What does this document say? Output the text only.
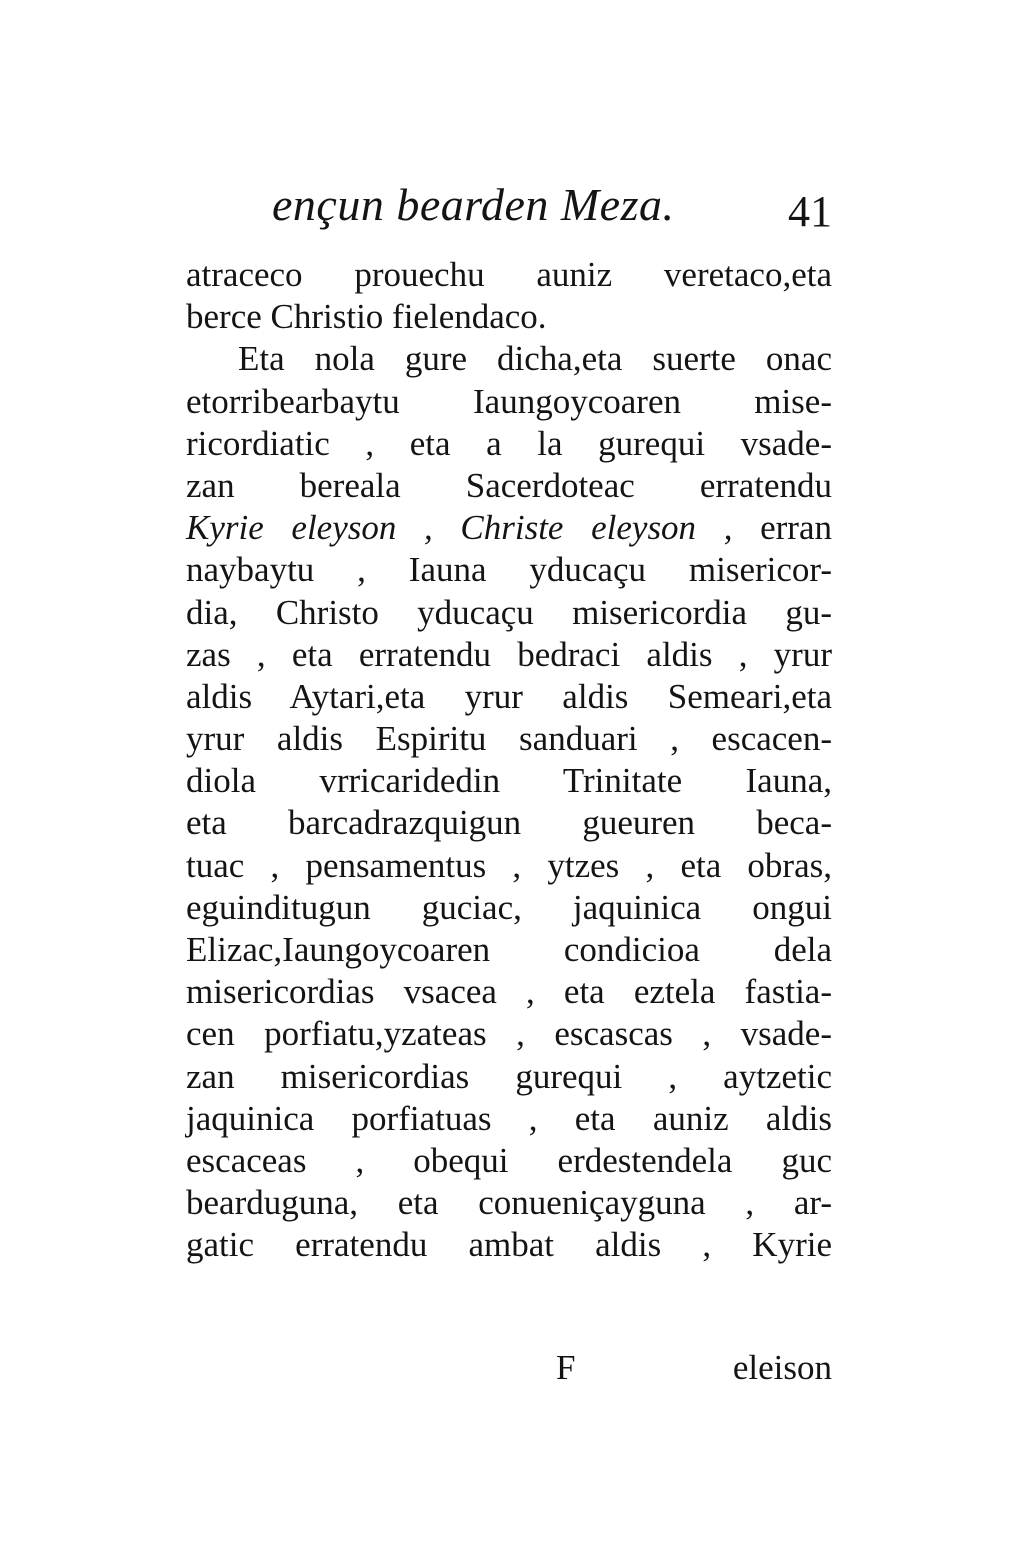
ençun bearden Meza.	41
atraceco prouechu auniz veretaco,eta
berce Christio fielendaco.
Eta nola gure dicha,eta suerte onac
etorribearbaytu Iaungoycoaren mise-
ricordiatic , eta a la gurequi vsade-
zan bereala Sacerdoteac erratendu
Kyrie eleyson , Christe eleyson , erran
naybaytu , Iauna yducaçu misericor-
dia, Christo yducaçu misericordia gu-
zas , eta erratendu bedraci aldis , yrur
aldis Aytari,eta yrur aldis Semeari,eta
yrur aldis Espiritu sanduari , escacen-
diola vrricaridedin Trinitate Iauna,
eta barcadrazquigun gueuren beca-
tuac , pensamentus , ytzes , eta obras,
eguinditugun guciac, jaquinica ongui
Elizac,Iaungoycoaren condicioa dela
misericordias vsacea , eta eztela fastia-
cen porfiatu,yzateas , escascas , vsade-
zan misericordias gurequi , aytzetic
jaquinica porfiatuas , eta auniz aldis
escaceas , obequi erdestendela guc
bearduguna, eta conueniçayguna , ar-
gatic erratendu ambat aldis , Kyrie
F	eleison
